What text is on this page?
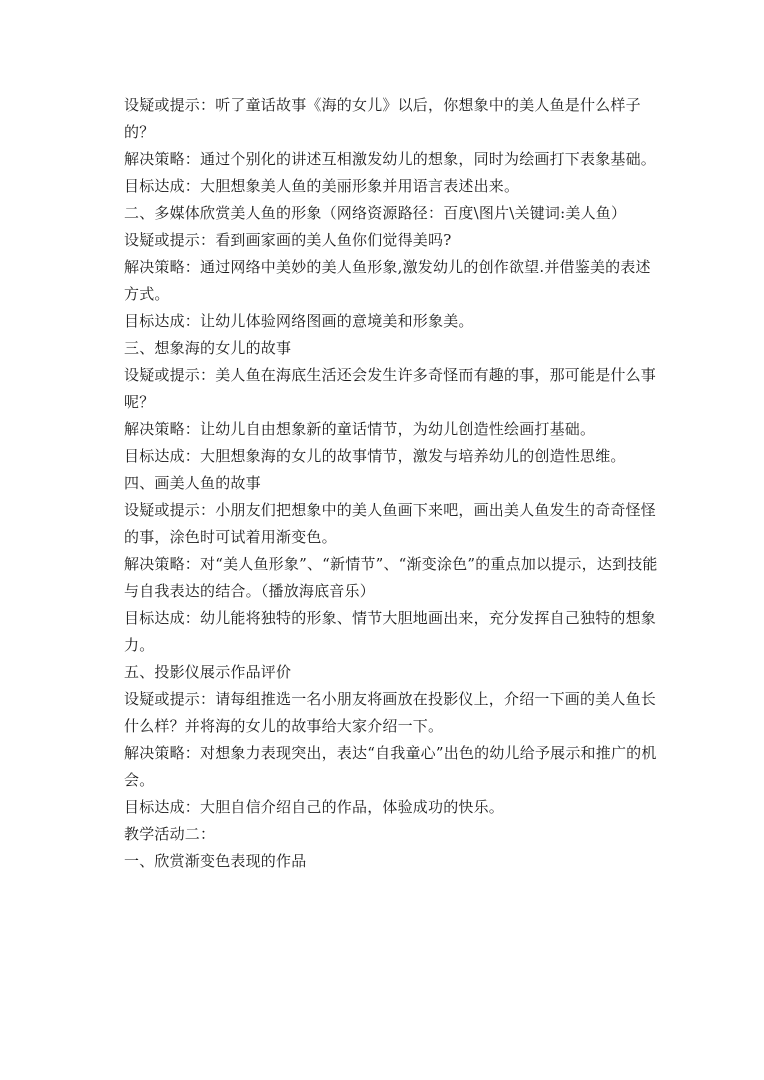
设疑或提示：听了童话故事《海的女儿》以后，你想象中的美人鱼是什么样子的？

解决策略：通过个别化的讲述互相激发幼儿的想象，同时为绘画打下表象基础。

目标达成：大胆想象美人鱼的美丽形象并用语言表述出来。

二、多媒体欣赏美人鱼的形象（网络资源路径：百度\图片\关键词:美人鱼）

设疑或提示：看到画家画的美人鱼你们觉得美吗?

解决策略：通过网络中美妙的美人鱼形象,激发幼儿的创作欲望.并借鉴美的表述方式。

目标达成：让幼儿体验网络图画的意境美和形象美。

三、想象海的女儿的故事

设疑或提示：美人鱼在海底生活还会发生许多奇怪而有趣的事，那可能是什么事呢？

解决策略：让幼儿自由想象新的童话情节，为幼儿创造性绘画打基础。

目标达成：大胆想象海的女儿的故事情节，激发与培养幼儿的创造性思维。

四、画美人鱼的故事

设疑或提示：小朋友们把想象中的美人鱼画下来吧，画出美人鱼发生的奇奇怪怪的事，涂色时可试着用渐变色。

解决策略：对“美人鱼形象”、“新情节”、“渐变涂色”的重点加以提示，达到技能与自我表达的结合。（播放海底音乐）

目标达成：幼儿能将独特的形象、情节大胆地画出来，充分发挥自己独特的想象力。

五、投影仪展示作品评价

设疑或提示：请每组推选一名小朋友将画放在投影仪上，介绍一下画的美人鱼长什么样？并将海的女儿的故事给大家介绍一下。

解决策略：对想象力表现突出，表达“自我童心”出色的幼儿给予展示和推广的机会。

目标达成：大胆自信介绍自己的作品，体验成功的快乐。

教学活动二：

一、欣赏渐变色表现的作品
